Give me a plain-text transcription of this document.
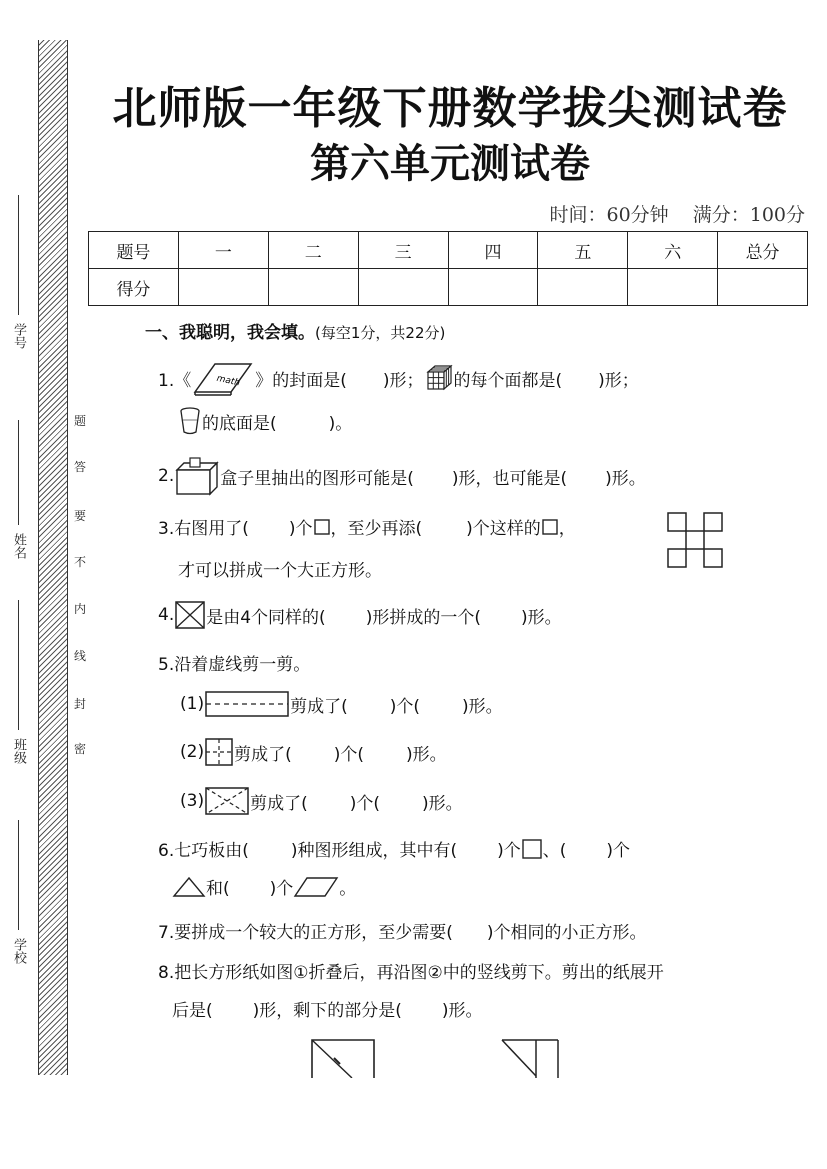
学号
姓名
班级
学校
题
答
要
不
内
线
封
密
北师版一年级下册数学拔尖测试卷
第六单元测试卷
时间：60分钟 满分：100分
题号	一	二	三	四	五	六	总分
得分							
一、我聪明，我会填。(每空1分，共22分)
1.《	math 》的封面是( )形； 的每个面都是( )形；
的底面是(	)。
2.	盒子里抽出的图形可能是( )形，也可能是( )形。
3.右图用了( )个 ，至少再添(	)个这样的 ，
才可以拼成一个大正方形。
4. 是由4个同样的( )形拼成的一个( )形。
5.沿着虚线剪一剪。
(1)	剪成了( )个( )形。
(2) 剪成了( )个( )形。
(3)	剪成了( )个( )形。
6.七巧板由( )种图形组成，其中有( )个 、( )个
和( )个	。
7.要拼成一个较大的正方形，至少需要(　　)个相同的小正方形。
8.把长方形纸如图①折叠后，再沿图②中的竖线剪下。剪出的纸展开
后是( )形，剩下的部分是( )形。
